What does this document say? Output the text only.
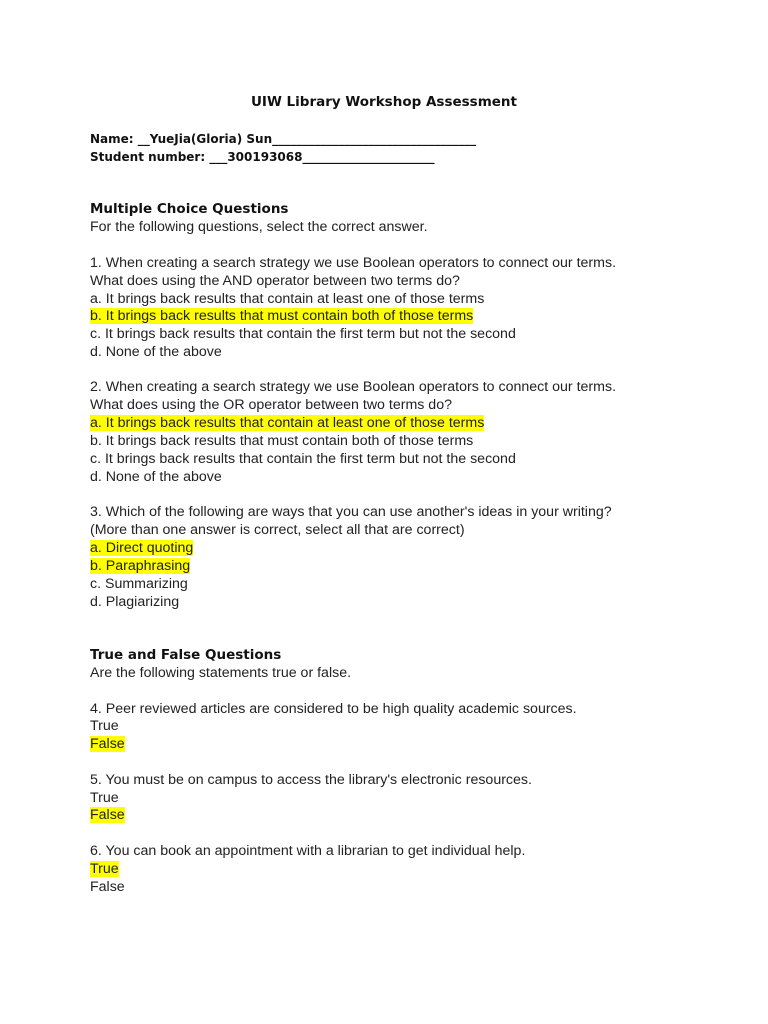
UIW Library Workshop Assessment
Name: __YueJia(Gloria) Sun__________________________________
Student number: ___300193068______________________
Multiple Choice Questions
For the following questions, select the correct answer.
1. When creating a search strategy we use Boolean operators to connect our terms.
What does using the AND operator between two terms do?
a. It brings back results that contain at least one of those terms
b. It brings back results that must contain both of those terms
c. It brings back results that contain the first term but not the second
d. None of the above
2. When creating a search strategy we use Boolean operators to connect our terms.
What does using the OR operator between two terms do?
a. It brings back results that contain at least one of those terms
b. It brings back results that must contain both of those terms
c. It brings back results that contain the first term but not the second
d. None of the above
3. Which of the following are ways that you can use another's ideas in your writing?
(More than one answer is correct, select all that are correct)
a. Direct quoting
b. Paraphrasing
c. Summarizing
d. Plagiarizing
True and False Questions
Are the following statements true or false.
4. Peer reviewed articles are considered to be high quality academic sources.
True
False
5. You must be on campus to access the library's electronic resources.
True
False
6. You can book an appointment with a librarian to get individual help.
True
False
